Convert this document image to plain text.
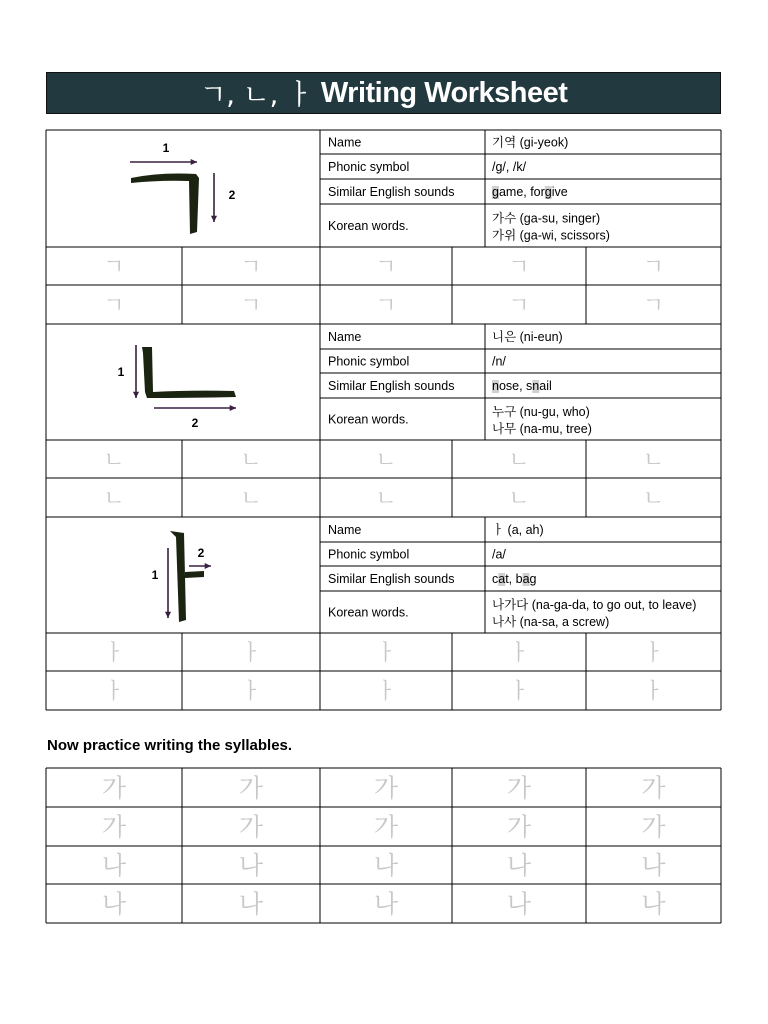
ㄱ, ㄴ, ㅏ Writing Worksheet
Name	기역 (gi-yeok)
Phonic symbol	/g/, /k/
Similar English sounds	game, forgive
Korean words.
가수 (ga-su, singer)
가위 (ga-wi, scissors)
ㄱ	ㄱ	ㄱ	ㄱ	ㄱ
ㄱ	ㄱ	ㄱ	ㄱ	ㄱ
1
2
Name	니은 (ni-eun)
Phonic symbol	/n/
Similar English sounds	nose, snail
Korean words.
누구 (nu-gu, who)
나무 (na-mu, tree)
ㄴ	ㄴ	ㄴ	ㄴ	ㄴ
ㄴ	ㄴ	ㄴ	ㄴ	ㄴ
1
2
Name	ㅏ (a, ah)
Phonic symbol	/a/
Similar English sounds	cat, bag
Korean words.
나가다 (na-ga-da, to go out, to leave)
나사 (na-sa, a screw)
ㅏ	ㅏ	ㅏ	ㅏ	ㅏ
ㅏ	ㅏ	ㅏ	ㅏ	ㅏ
1
2
Now practice writing the syllables.
가	가	가	가	가
가	가	가	가	가
나	나	나	나	나
나	나	나	나	나
